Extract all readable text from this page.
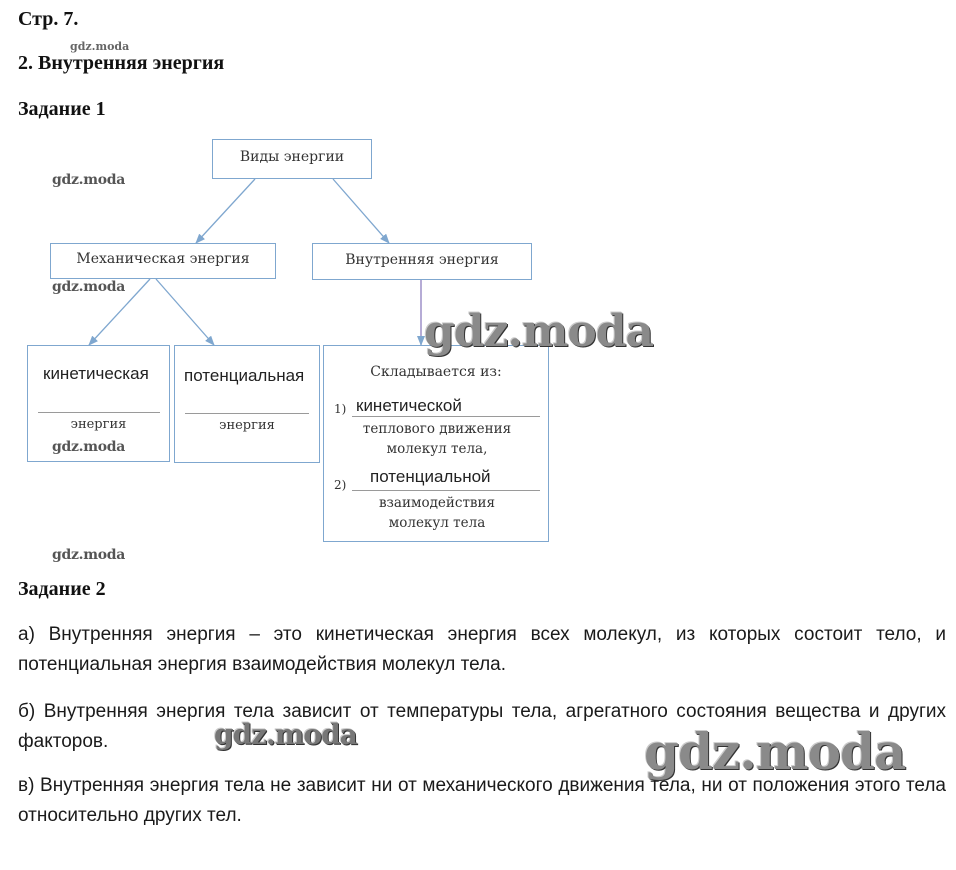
Стр. 7.
gdz.moda
2. Внутренняя энергия
Задание 1
Виды энергии
Механическая энергия	Внутренняя энергия
gdz.moda
gdz.moda
кинетическая
энергия
gdz.moda
потенциальная
энергия
Складывается из:
1) кинетической
теплового движения
молекул тела,
2) потенциальной
взаимодействия
молекул тела
gdz.moda
gdz.moda
Задание 2
а) Внутренняя энергия – это кинетическая энергия всех молекул, из которых состоит тело, и потенциальная энергия взаимодействия молекул тела.
б) Внутренняя энергия тела зависит от температуры тела, агрегатного состояния вещества и других факторов.
в) Внутренняя энергия тела не зависит ни от механического движения тела, ни от положения этого тела относительно других тел.
gdz.moda	gdz.moda
